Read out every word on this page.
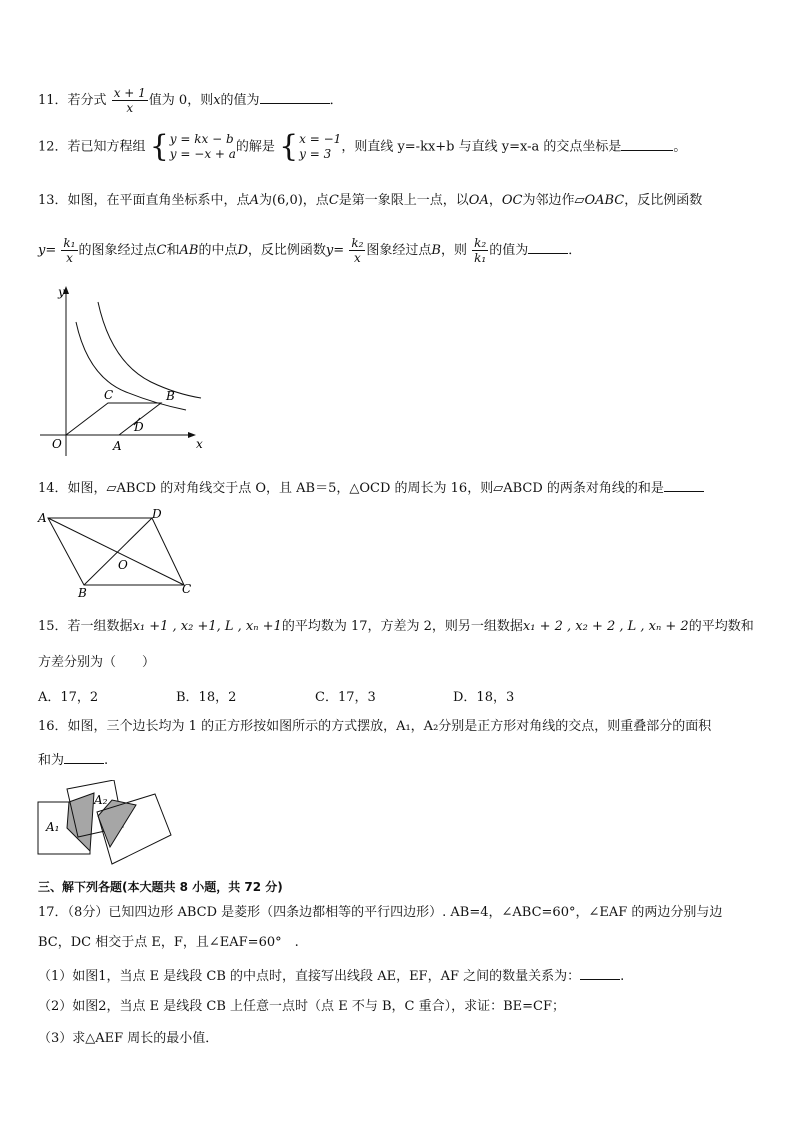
11．若分式 $\frac{x + 1}{x}$ 值为 0，则x的值为	．
12．若已知方程组 { y = kx − b
y = −x + a 的解是 { x = −1
y = 3 ，则直线 y=-kx+b 与直线 y=x-a 的交点坐标是	。
13．如图，在平面直角坐标系中，点A为(6,0)，点C是第一象限上一点，以OA，OC为邻边作▱OABC，反比例函数
$y= \frac{\text{k₁}}{x}$ 的图象经过点C和AB的中点D，反比例函数$y= \frac{\text{k₂}}{x}$ 图象经过点B，则 $\frac{\text{k₂}}{\text{k₁}}$ 的值为	．
y
x
O	A
B
C
D
14．如图，▱ABCD 的对角线交于点 O，且 AB＝5，△OCD 的周长为 16，则▱ABCD 的两条对角线的和是
A	D
B	C
O
15．若一组数据x₁ +1 , x₂ +1, L , xₙ +1的平均数为 17，方差为 2，则另一组数据x₁ + 2 , x₂ + 2 , L , xₙ + 2的平均数和
方差分别为（　　）
A．17，2	B．18，2	C．17，3	D．18，3
16．如图，三个边长均为 1 的正方形按如图所示的方式摆放，A₁，A₂分别是正方形对角线的交点，则重叠部分的面积
和为	.
A₁
A₂
三、解下列各题(本大题共 8 小题，共 72 分)
17．（8分）已知四边形 ABCD 是菱形（四条边都相等的平行四边形）. AB=4，∠ABC=60°，∠EAF 的两边分别与边
BC，DC 相交于点 E，F，且∠EAF=60°　.
（1）如图1，当点 E 是线段 CB 的中点时，直接写出线段 AE，EF，AF 之间的数量关系为：	.
（2）如图2，当点 E 是线段 CB 上任意一点时（点 E 不与 B，C 重合），求证：BE=CF；
（3）求△AEF 周长的最小值．
